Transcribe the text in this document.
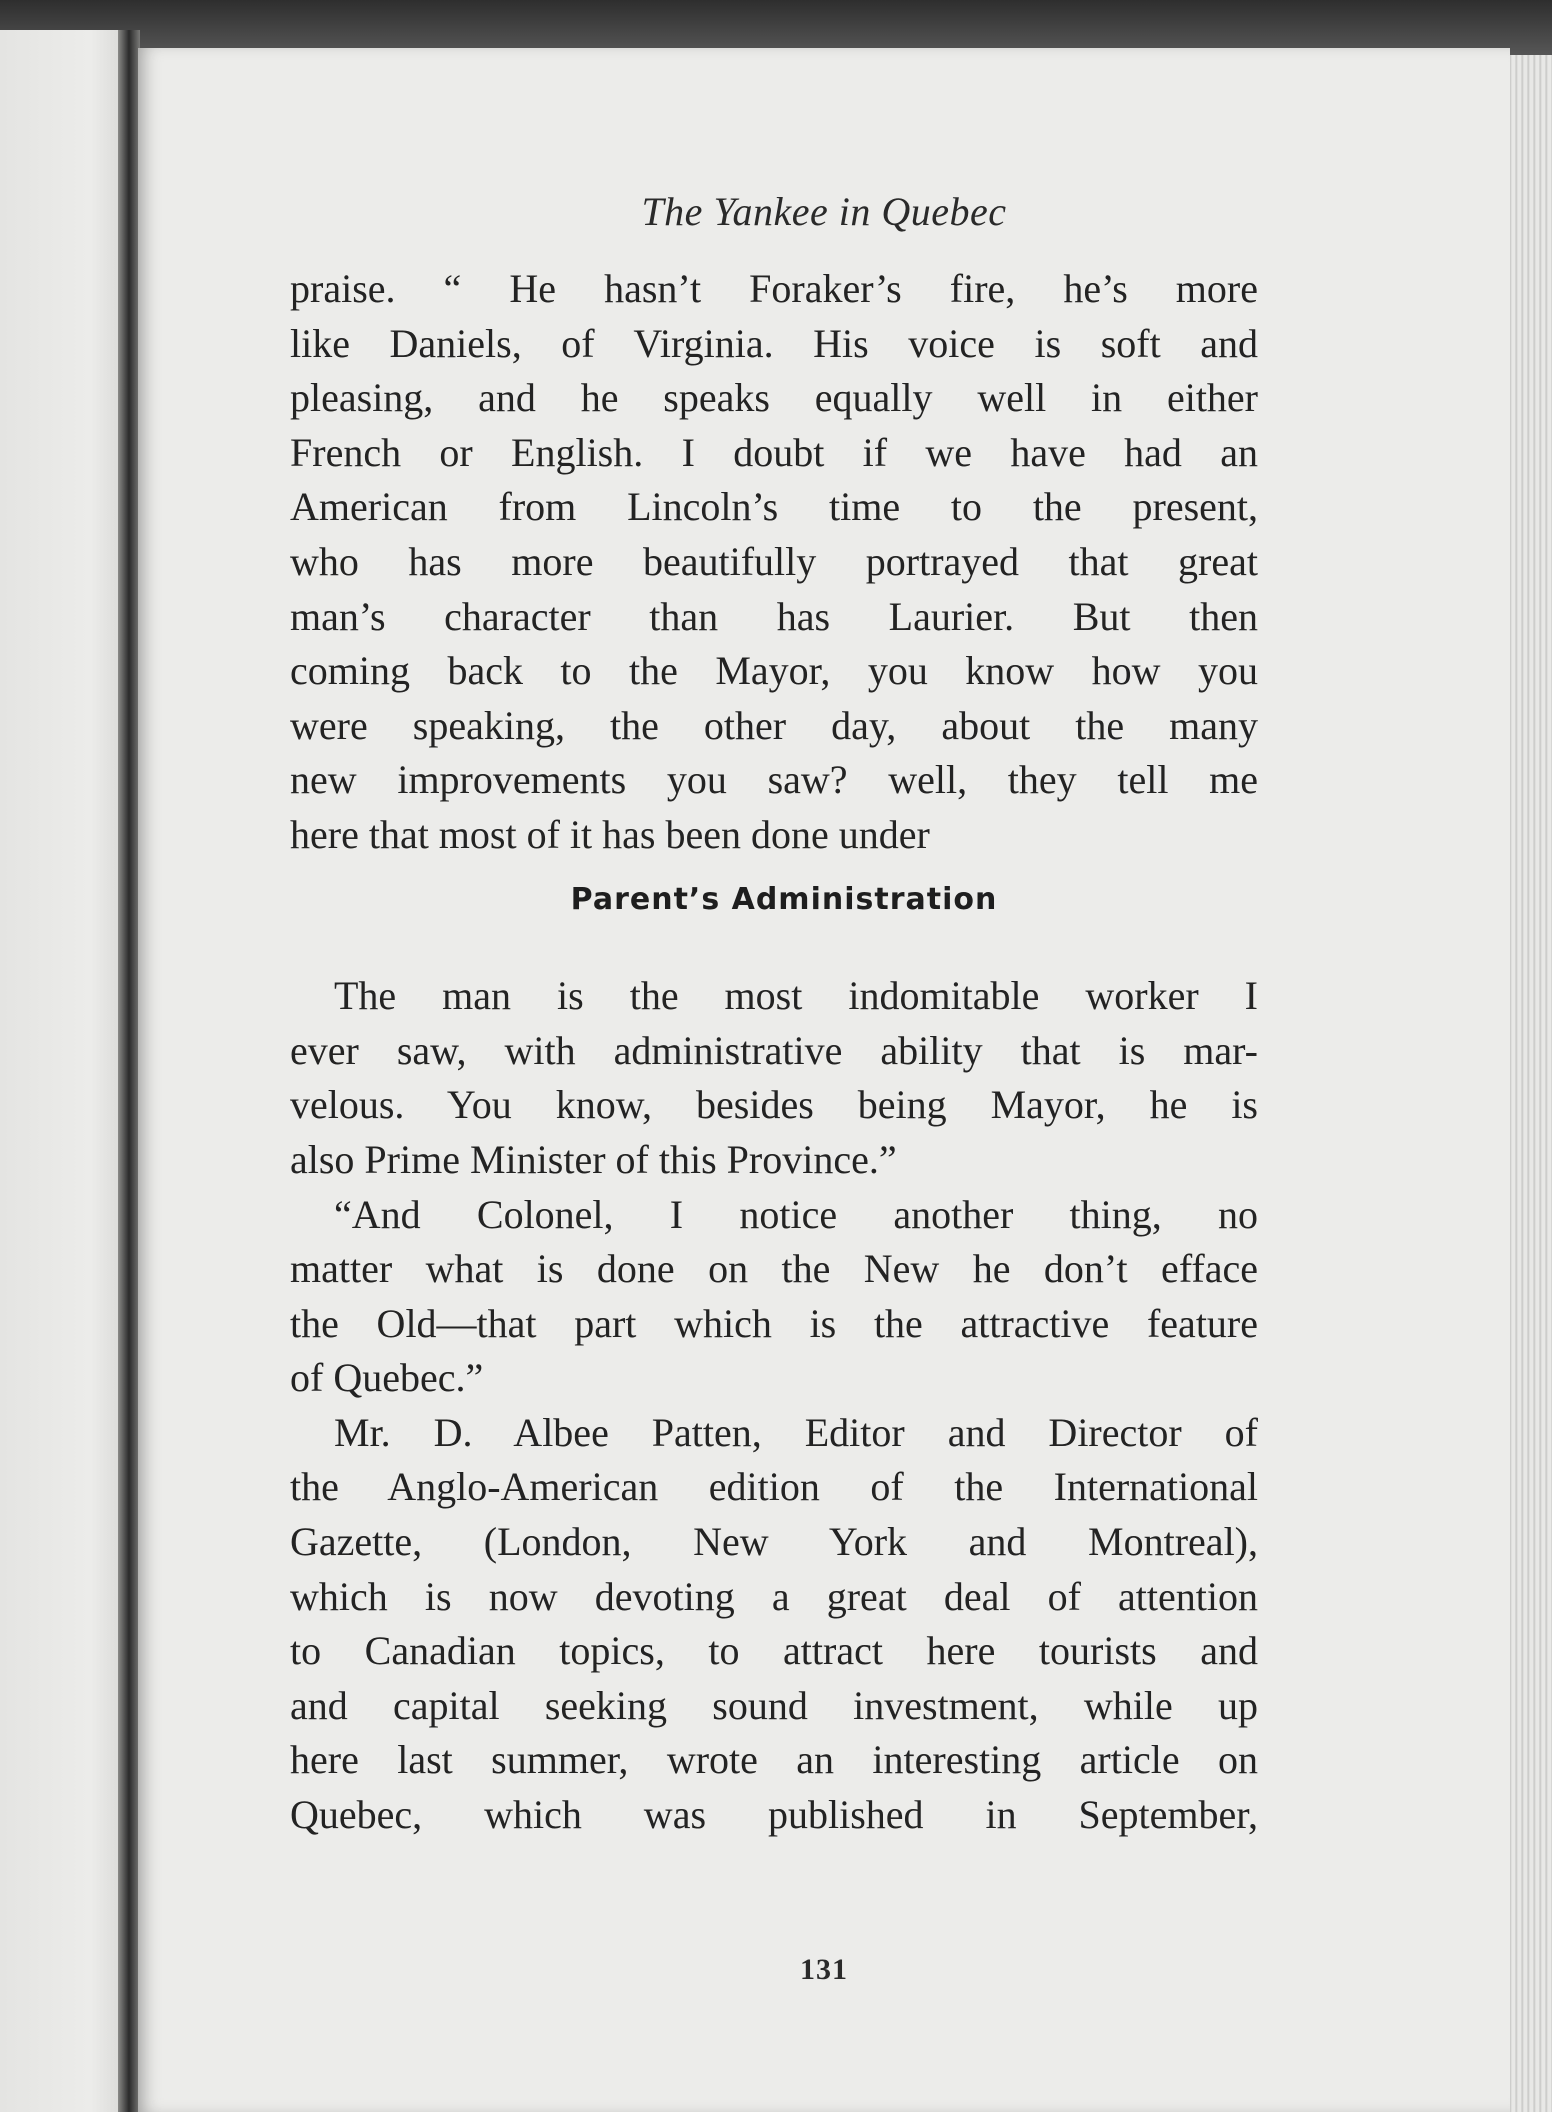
The Yankee in Quebec
praise. “ He hasn’t Foraker’s fire, he’s more
like Daniels, of Virginia. His voice is soft and
pleasing, and he speaks equally well in either
French or English. I doubt if we have had an
American from Lincoln’s time to the present,
who has more beautifully portrayed that great
man’s character than has Laurier. But then
coming back to the Mayor, you know how you
were speaking, the other day, about the many
new improvements you saw? well, they tell me
here that most of it has been done under
Parent’s Administration
The man is the most indomitable worker I
ever saw, with administrative ability that is mar-
velous. You know, besides being Mayor, he is
also Prime Minister of this Province.”
“And Colonel, I notice another thing, no
matter what is done on the New he don’t efface
the Old—that part which is the attractive feature
of Quebec.”
Mr. D. Albee Patten, Editor and Director of
the Anglo-American edition of the International
Gazette, (London, New York and Montreal),
which is now devoting a great deal of attention
to Canadian topics, to attract here tourists and
and capital seeking sound investment, while up
here last summer, wrote an interesting article on
Quebec, which was published in September,
131
